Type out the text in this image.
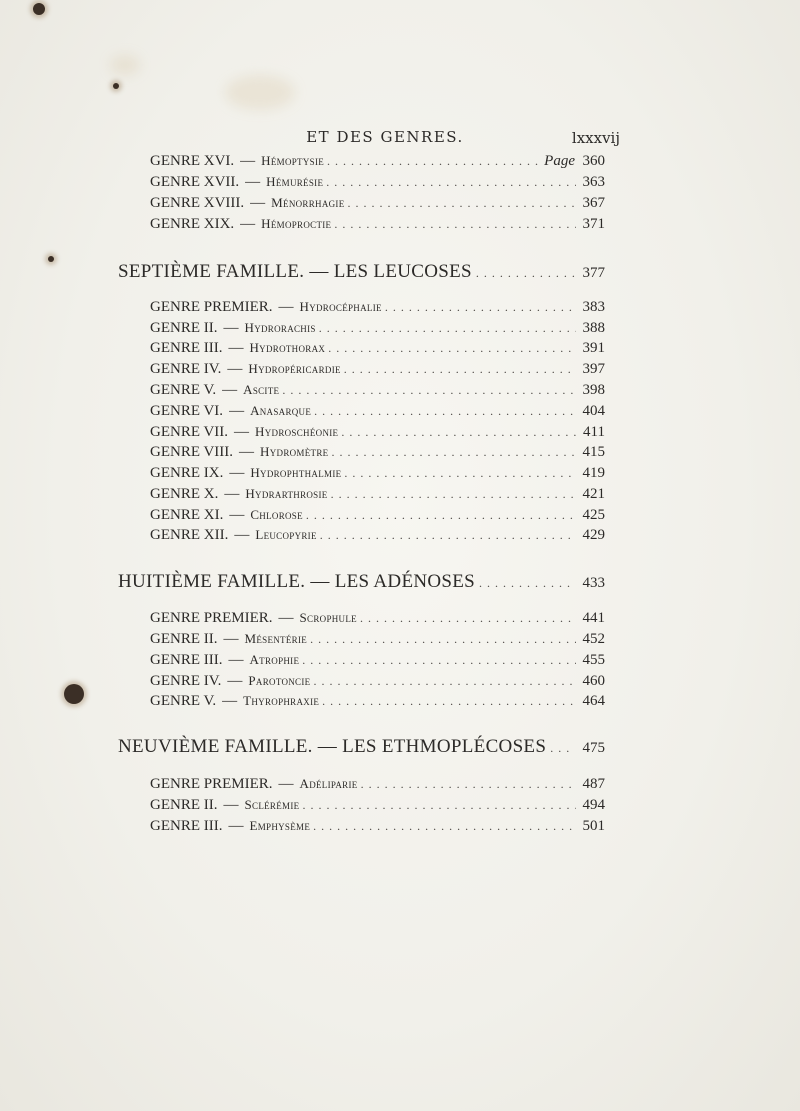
ET DES GENRES.	lxxxvij
GENRE XVI. — Hémoptysie . . .	Page 360
GENRE XVII. — Hémurésie . . .	363
GENRE XVIII. — Ménorrhagie . . .	367
GENRE XIX. — Hémoproctie . . .	371
SEPTIÈME FAMILLE. — LES LEUCOSES . . .	377
GENRE PREMIER. — Hydrocéphalie . . .	383
GENRE II. — Hydrorachis . . .	388
GENRE III. — Hydrothorax . . .	391
GENRE IV. — Hydropéricardie . . .	397
GENRE V. — Ascite . . .	398
GENRE VI. — Anasarque . . .	404
GENRE VII. — Hydroschéonie . . .	411
GENRE VIII. — Hydromètre . . .	415
GENRE IX. — Hydrophthalmie . . .	419
GENRE X. — Hydrarthrosie . . .	421
GENRE XI. — Chlorose . . .	425
GENRE XII. — Leucopyrie . . .	429
HUITIÈME FAMILLE. — LES ADÉNOSES . . .	433
GENRE PREMIER. — Scrophule . . .	441
GENRE II. — Mésentérie . . .	452
GENRE III. — Atrophie . . .	455
GENRE IV. — Parotoncie . . .	460
GENRE V. — Thyrophraxie . . .	464
NEUVIÈME FAMILLE. — LES ETHMOPLÉCOSES . . . 475
GENRE PREMIER. — Adéliparie . . .	487
GENRE II. — Sclérémie . . .	494
GENRE III. — Emphysème . . .	501
